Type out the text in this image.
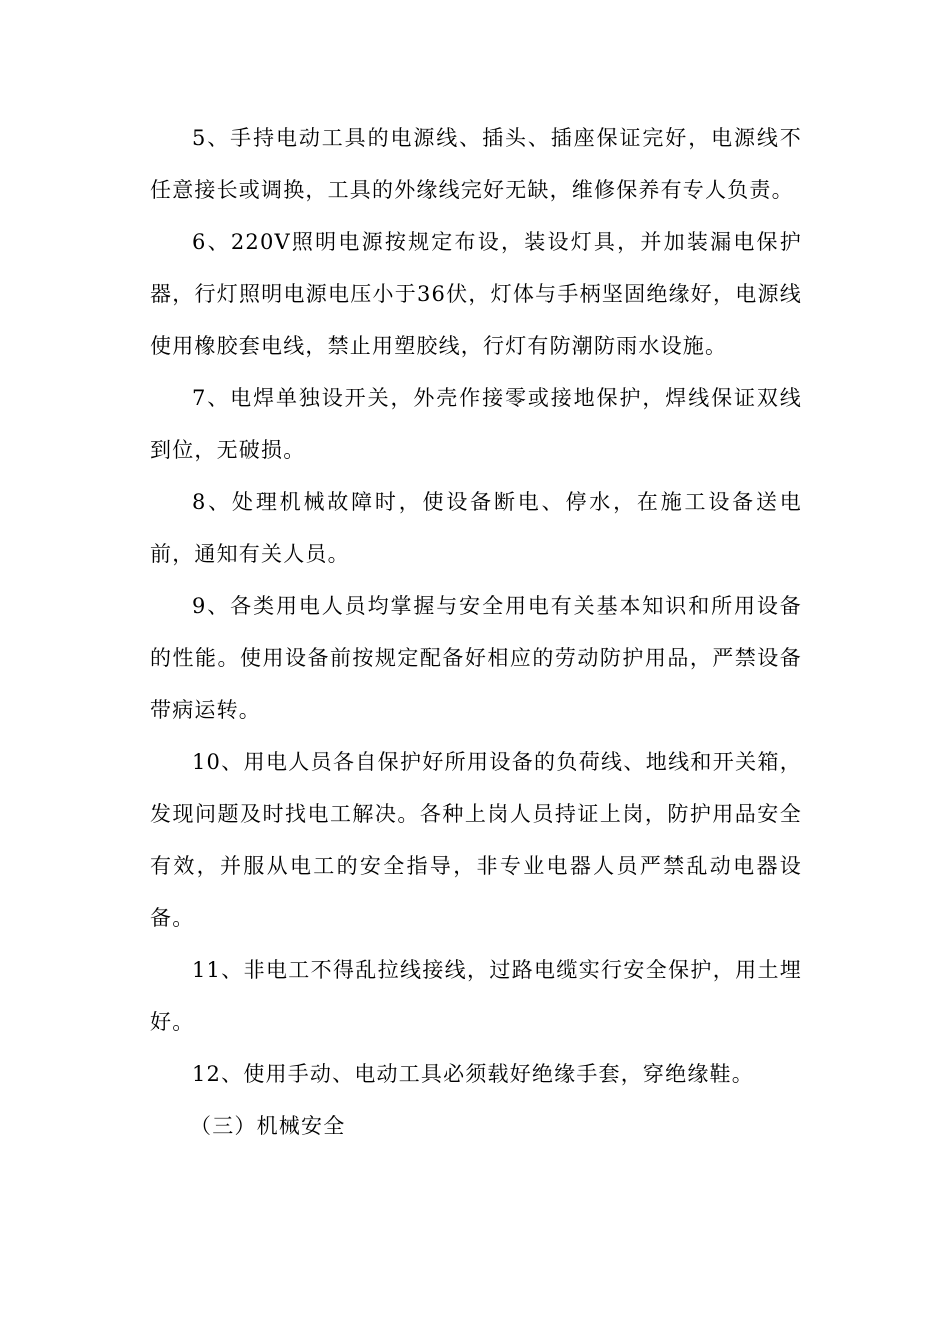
5、手持电动工具的电源线、插头、插座保证完好，电源线不任意接长或调换，工具的外缘线完好无缺，维修保养有专人负责。

6、220V照明电源按规定布设，装设灯具，并加装漏电保护器，行灯照明电源电压小于36伏，灯体与手柄坚固绝缘好，电源线使用橡胶套电线，禁止用塑胶线，行灯有防潮防雨水设施。

7、电焊单独设开关，外壳作接零或接地保护，焊线保证双线到位，无破损。

8、处理机械故障时，使设备断电、停水，在施工设备送电前，通知有关人员。

9、各类用电人员均掌握与安全用电有关基本知识和所用设备的性能。使用设备前按规定配备好相应的劳动防护用品，严禁设备带病运转。

10、用电人员各自保护好所用设备的负荷线、地线和开关箱，发现问题及时找电工解决。各种上岗人员持证上岗，防护用品安全有效，并服从电工的安全指导，非专业电器人员严禁乱动电器设备。

11、非电工不得乱拉线接线，过路电缆实行安全保护，用土埋好。

12、使用手动、电动工具必须载好绝缘手套，穿绝缘鞋。

（三）机械安全
